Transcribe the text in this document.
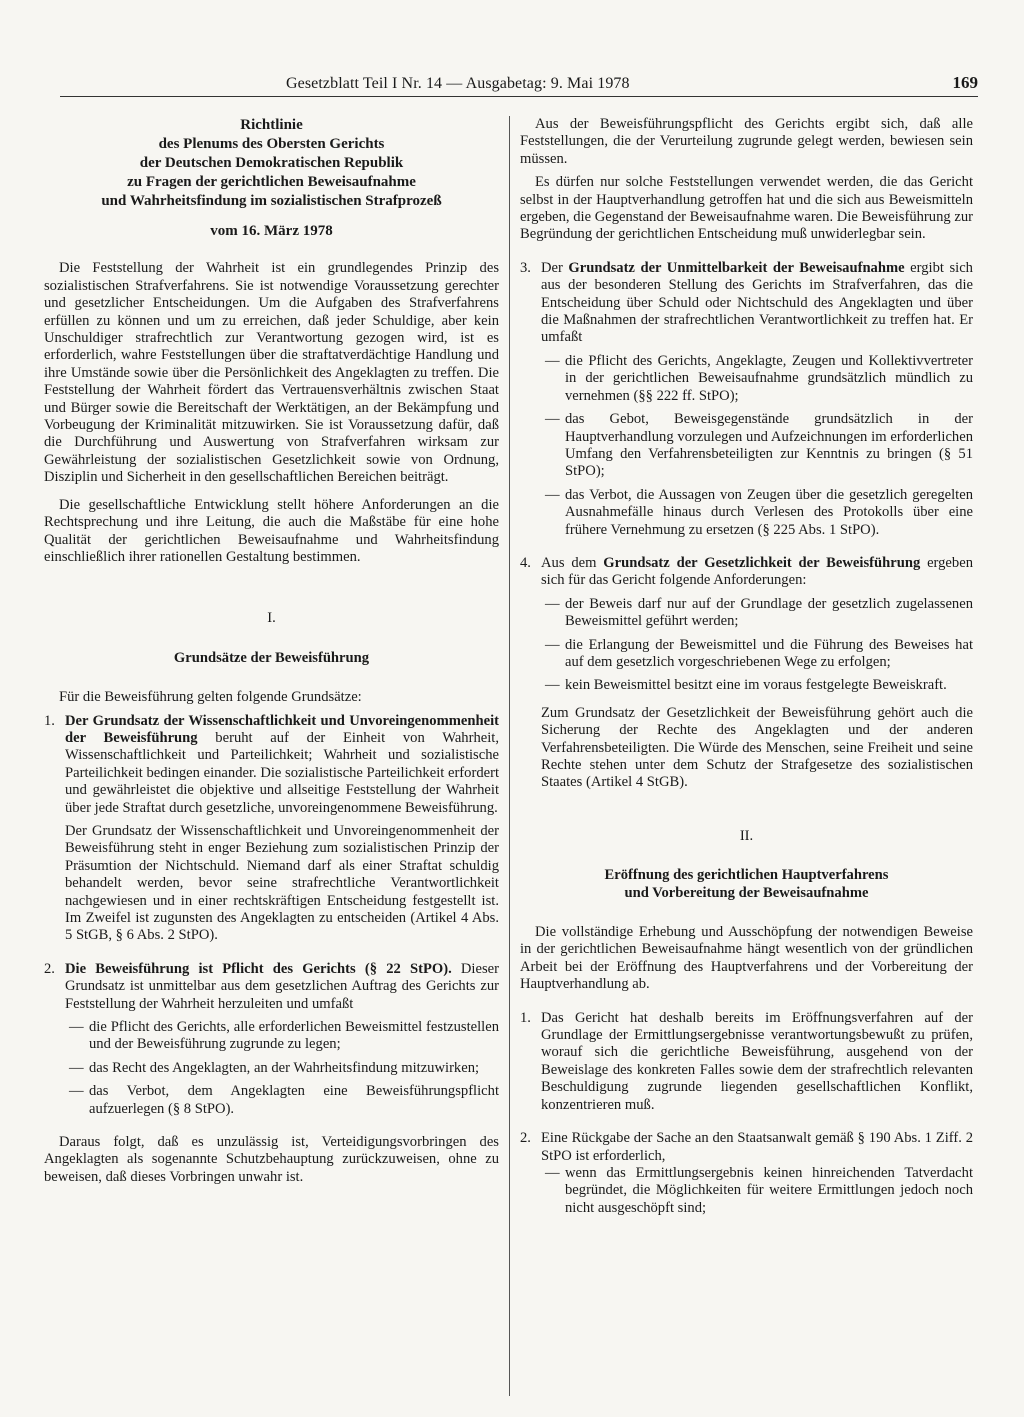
Gesetzblatt Teil I Nr. 14 — Ausgabetag: 9. Mai 1978	169
Richtlinie
des Plenums des Obersten Gerichts
der Deutschen Demokratischen Republik
zu Fragen der gerichtlichen Beweisaufnahme
und Wahrheitsfindung im sozialistischen Strafprozeß
vom 16. März 1978

Die Feststellung der Wahrheit ist ein grundlegendes Prinzip des sozialistischen Strafverfahrens. Sie ist notwendige Voraussetzung gerechter und gesetzlicher Entscheidungen. Um die Aufgaben des Strafverfahrens erfüllen zu können und um zu erreichen, daß jeder Schuldige, aber kein Unschuldiger strafrechtlich zur Verantwortung gezogen wird, ist es erforderlich, wahre Feststellungen über die straftatverdächtige Handlung und ihre Umstände sowie über die Persönlichkeit des Angeklagten zu treffen. Die Feststellung der Wahrheit fördert das Vertrauensverhältnis zwischen Staat und Bürger sowie die Bereitschaft der Werktätigen, an der Bekämpfung und Vorbeugung der Kriminalität mitzuwirken. Sie ist Voraussetzung dafür, daß die Durchführung und Auswertung von Strafverfahren wirksam zur Gewährleistung der sozialistischen Gesetzlichkeit sowie von Ordnung, Disziplin und Sicherheit in den gesellschaftlichen Bereichen beiträgt.

Die gesellschaftliche Entwicklung stellt höhere Anforderungen an die Rechtsprechung und ihre Leitung, die auch die Maßstäbe für eine hohe Qualität der gerichtlichen Beweisaufnahme und Wahrheitsfindung einschließlich ihrer rationellen Gestaltung bestimmen.

I.
Grundsätze der Beweisführung

Für die Beweisführung gelten folgende Grundsätze:

1. Der Grundsatz der Wissenschaftlichkeit und Unvoreingenommenheit der Beweisführung beruht auf der Einheit von Wahrheit, Wissenschaftlichkeit und Parteilichkeit; Wahrheit und sozialistische Parteilichkeit bedingen einander. Die sozialistische Parteilichkeit erfordert und gewährleistet die objektive und allseitige Feststellung der Wahrheit über jede Straftat durch gesetzliche, unvoreingenommene Beweisführung.

Der Grundsatz der Wissenschaftlichkeit und Unvoreingenommenheit der Beweisführung steht in enger Beziehung zum sozialistischen Prinzip der Präsumtion der Nichtschuld. Niemand darf als einer Straftat schuldig behandelt werden, bevor seine strafrechtliche Verantwortlichkeit nachgewiesen und in einer rechtskräftigen Entscheidung festgestellt ist. Im Zweifel ist zugunsten des Angeklagten zu entscheiden (Artikel 4 Abs. 5 StGB, § 6 Abs. 2 StPO).

2. Die Beweisführung ist Pflicht des Gerichts (§ 22 StPO). Dieser Grundsatz ist unmittelbar aus dem gesetzlichen Auftrag des Gerichts zur Feststellung der Wahrheit herzuleiten und umfaßt

— die Pflicht des Gerichts, alle erforderlichen Beweismittel festzustellen und der Beweisführung zugrunde zu legen;

— das Recht des Angeklagten, an der Wahrheitsfindung mitzuwirken;

— das Verbot, dem Angeklagten eine Beweisführungspflicht aufzuerlegen (§ 8 StPO).

Daraus folgt, daß es unzulässig ist, Verteidigungsvorbringen des Angeklagten als sogenannte Schutzbehauptung zurückzuweisen, ohne zu beweisen, daß dieses Vorbringen unwahr ist.

Aus der Beweisführungspflicht des Gerichts ergibt sich, daß alle Feststellungen, die der Verurteilung zugrunde gelegt werden, bewiesen sein müssen.

Es dürfen nur solche Feststellungen verwendet werden, die das Gericht selbst in der Hauptverhandlung getroffen hat und die sich aus Beweismitteln ergeben, die Gegenstand der Beweisaufnahme waren. Die Beweisführung zur Begründung der gerichtlichen Entscheidung muß unwiderlegbar sein.

3. Der Grundsatz der Unmittelbarkeit der Beweisaufnahme ergibt sich aus der besonderen Stellung des Gerichts im Strafverfahren, das die Entscheidung über Schuld oder Nichtschuld des Angeklagten und über die Maßnahmen der strafrechtlichen Verantwortlichkeit zu treffen hat. Er umfaßt

— die Pflicht des Gerichts, Angeklagte, Zeugen und Kollektivvertreter in der gerichtlichen Beweisaufnahme grundsätzlich mündlich zu vernehmen (§§ 222 ff. StPO);

— das Gebot, Beweisgegenstände grundsätzlich in der Hauptverhandlung vorzulegen und Aufzeichnungen im erforderlichen Umfang den Verfahrensbeteiligten zur Kenntnis zu bringen (§ 51 StPO);

— das Verbot, die Aussagen von Zeugen über die gesetzlich geregelten Ausnahmefälle hinaus durch Verlesen des Protokolls über eine frühere Vernehmung zu ersetzen (§ 225 Abs. 1 StPO).

4. Aus dem Grundsatz der Gesetzlichkeit der Beweisführung ergeben sich für das Gericht folgende Anforderungen:

— der Beweis darf nur auf der Grundlage der gesetzlich zugelassenen Beweismittel geführt werden;

— die Erlangung der Beweismittel und die Führung des Beweises hat auf dem gesetzlich vorgeschriebenen Wege zu erfolgen;

— kein Beweismittel besitzt eine im voraus festgelegte Beweiskraft.

Zum Grundsatz der Gesetzlichkeit der Beweisführung gehört auch die Sicherung der Rechte des Angeklagten und der anderen Verfahrensbeteiligten. Die Würde des Menschen, seine Freiheit und seine Rechte stehen unter dem Schutz der Strafgesetze des sozialistischen Staates (Artikel 4 StGB).

II.
Eröffnung des gerichtlichen Hauptverfahrens
und Vorbereitung der Beweisaufnahme

Die vollständige Erhebung und Ausschöpfung der notwendigen Beweise in der gerichtlichen Beweisaufnahme hängt wesentlich von der gründlichen Arbeit bei der Eröffnung des Hauptverfahrens und der Vorbereitung der Hauptverhandlung ab.

1. Das Gericht hat deshalb bereits im Eröffnungsverfahren auf der Grundlage der Ermittlungsergebnisse verantwortungsbewußt zu prüfen, worauf sich die gerichtliche Beweisführung, ausgehend von der Beweislage des konkreten Falles sowie dem der strafrechtlich relevanten Beschuldigung zugrunde liegenden gesellschaftlichen Konflikt, konzentrieren muß.

2. Eine Rückgabe der Sache an den Staatsanwalt gemäß § 190 Abs. 1 Ziff. 2 StPO ist erforderlich,

— wenn das Ermittlungsergebnis keinen hinreichenden Tatverdacht begründet, die Möglichkeiten für weitere Ermittlungen jedoch noch nicht ausgeschöpft sind;
